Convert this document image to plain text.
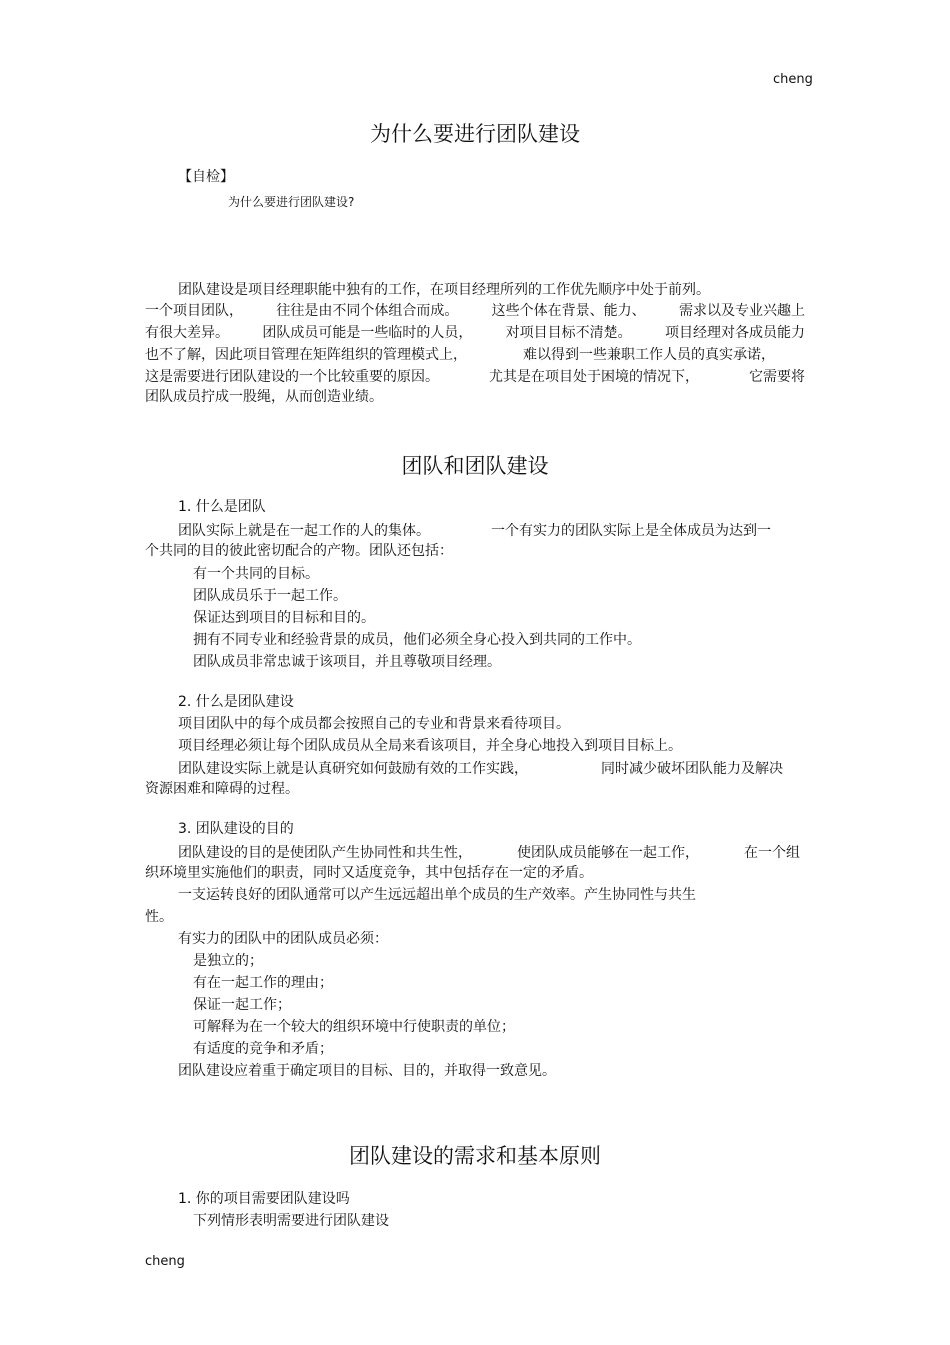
cheng
为什么要进行团队建设
【自检】
为什么要进行团队建设?
团队建设是项目经理职能中独有的工作，在项目经理所列的工作优先顺序中处于前列。
一个项目团队， 往往是由不同个体组合而成。 这些个体在背景、能力、 需求以及专业兴趣上
有很大差异。 团队成员可能是一些临时的人员， 对项目目标不清楚。 项目经理对各成员能力
也不了解，因此项目管理在矩阵组织的管理模式上，	难以得到一些兼职工作人员的真实承诺，
这是需要进行团队建设的一个比较重要的原因。	尤其是在项目处于困境的情况下，	它需要将
团队成员拧成一股绳，从而创造业绩。
团队和团队建设
1. 什么是团队
团队实际上就是在一起工作的人的集体。	一个有实力的团队实际上是全体成员为达到一
个共同的目的彼此密切配合的产物。团队还包括：
有一个共同的目标。
团队成员乐于一起工作。
保证达到项目的目标和目的。
拥有不同专业和经验背景的成员，他们必须全身心投入到共同的工作中。
团队成员非常忠诚于该项目，并且尊敬项目经理。
2. 什么是团队建设
项目团队中的每个成员都会按照自己的专业和背景来看待项目。
项目经理必须让每个团队成员从全局来看该项目，并全身心地投入到项目目标上。
团队建设实际上就是认真研究如何鼓励有效的工作实践，	同时减少破坏团队能力及解决
资源困难和障碍的过程。
3. 团队建设的目的
团队建设的目的是使团队产生协同性和共生性，	使团队成员能够在一起工作，	在一个组
织环境里实施他们的职责，同时又适度竞争，其中包括存在一定的矛盾。
一支运转良好的团队通常可以产生远远超出单个成员的生产效率。产生协同性与共生
性。
有实力的团队中的团队成员必须：
是独立的；
有在一起工作的理由；
保证一起工作；
可解释为在一个较大的组织环境中行使职责的单位；
有适度的竞争和矛盾；
团队建设应着重于确定项目的目标、目的，并取得一致意见。
团队建设的需求和基本原则
1. 你的项目需要团队建设吗
下列情形表明需要进行团队建设
cheng
